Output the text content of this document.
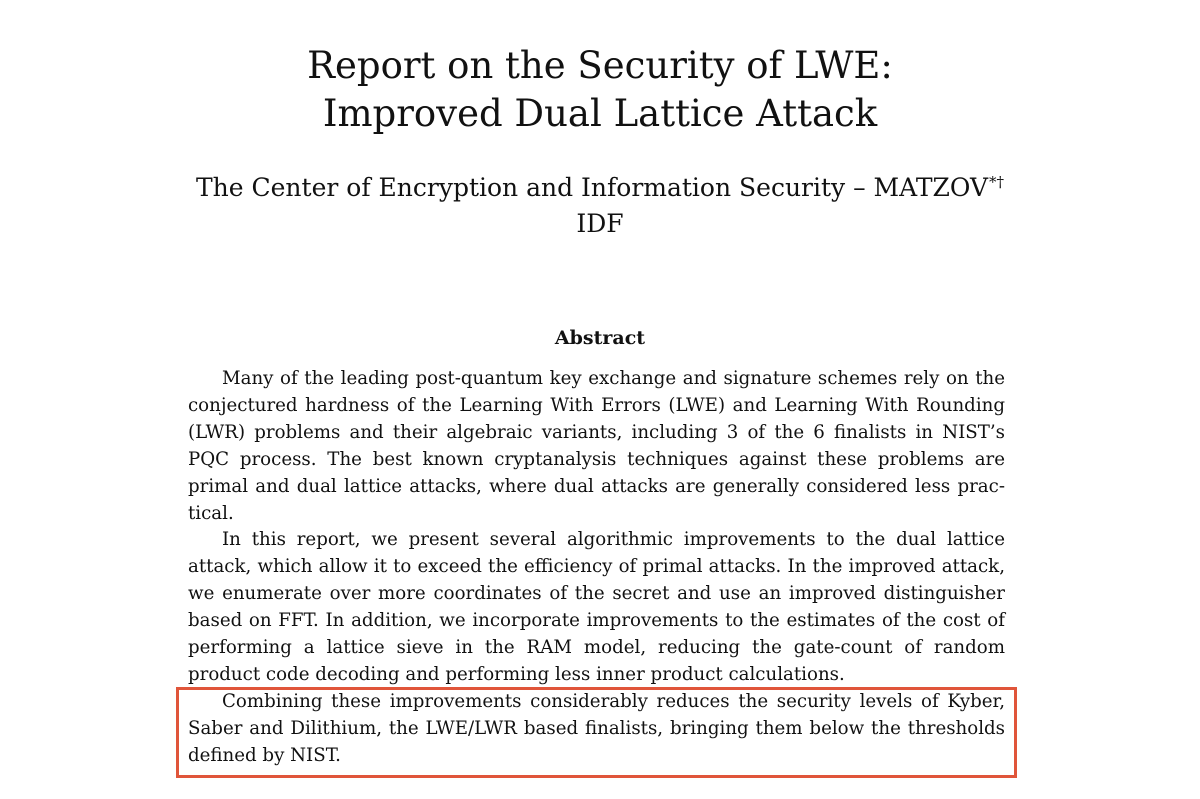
Report on the Security of LWE:
Improved Dual Lattice Attack
The Center of Encryption and Information Security – MATZOV*†
IDF
Abstract

Many of the leading post-quantum key exchange and signature schemes rely on the conjectured hardness of the Learning With Errors (LWE) and Learning With Rounding (LWR) problems and their algebraic variants, including 3 of the 6 finalists in NIST’s PQC process. The best known cryptanalysis techniques against these problems are primal and dual lattice attacks, where dual attacks are generally considered less practical.

In this report, we present several algorithmic improvements to the dual lattice attack, which allow it to exceed the efficiency of primal attacks. In the improved attack, we enumerate over more coordinates of the secret and use an improved distinguisher based on FFT. In addition, we incorporate improvements to the estimates of the cost of performing a lattice sieve in the RAM model, reducing the gate-count of random product code decoding and performing less inner product calculations.

Combining these improvements considerably reduces the security levels of Kyber, Saber and Dilithium, the LWE/LWR based finalists, bringing them below the thresholds defined by NIST.
